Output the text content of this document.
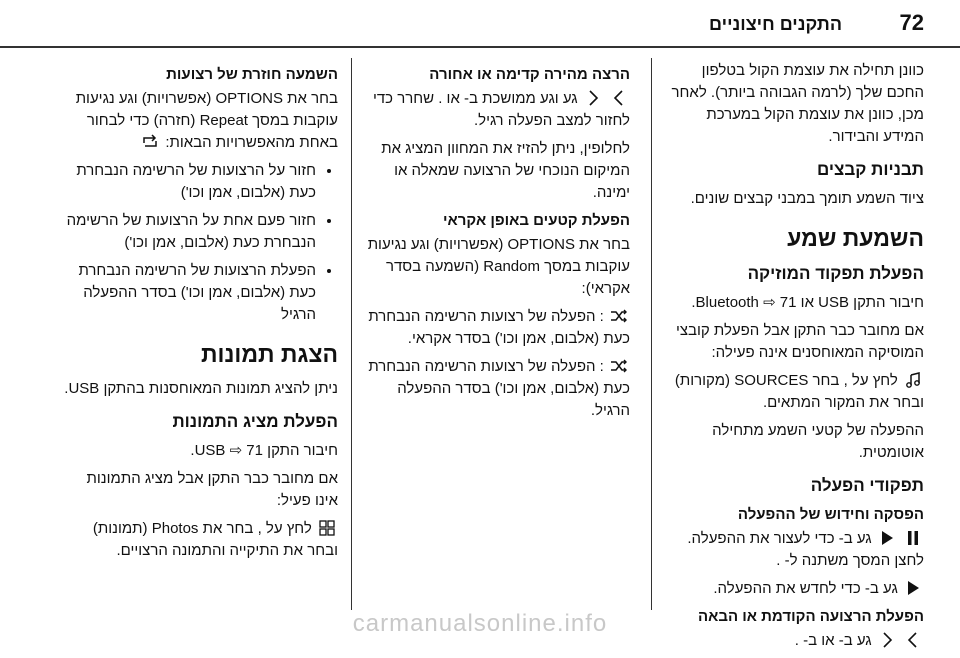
התקנים חיצוניים	72

כוונן תחילה את עוצמת הקול בטלפון החכם שלך (לרמה הגבוהה ביותר). לאחר מכן, כוונן את עוצמת הקול במערכת המידע והבידור.

תבניות קבצים

ציוד השמע תומך במבני קבצים שונים.

השמעת שמע
הפעלת תפקוד המוזיקה

חיבור התקן USB או Bluetooth ⇨ 71.

אם מחובר כבר התקן אבל הפעלת קובצי המוסיקה המאוחסנים אינה פעילה:

לחץ על , בחר SOURCES (מקורות) ובחר את המקור המתאים.

ההפעלה של קטעי השמע מתחילה אוטומטית.

תפקודי הפעלה
הפסקה וחידוש של ההפעלה

גע ב- כדי לעצור את ההפעלה. לחצן המסך משתנה ל- .

גע ב- כדי לחדש את ההפעלה.

הפעלת הרצועה הקודמת או הבאה

גע ב- או ב- .

הרצה מהירה קדימה או אחורה

גע וגע ממושכת ב- או . שחרר כדי לחזור למצב הפעלה רגיל.

לחלופין, ניתן להזיז את המחוון המציג את המיקום הנוכחי של הרצועה שמאלה או ימינה.

הפעלת קטעים באופן אקראי

בחר את OPTIONS (אפשרויות) וגע נגיעות עוקבות במסך Random (השמעה בסדר אקראי):

: הפעלה של רצועות הרשימה הנבחרת כעת (אלבום, אמן וכו') בסדר אקראי.

: הפעלה של רצועות הרשימה הנבחרת כעת (אלבום, אמן וכו') בסדר ההפעלה הרגיל.

השמעה חוזרת של רצועות

בחר את OPTIONS (אפשרויות) וגע נגיעות עוקבות במסך Repeat (חזרה) כדי לבחור באחת מהאפשרויות הבאות:

• חזור על הרצועות של הרשימה הנבחרת כעת (אלבום, אמן וכו')
• חזור פעם אחת על הרצועות של הרשימה הנבחרת כעת (אלבום, אמן וכו')
• הפעלת הרצועות של הרשימה הנבחרת כעת (אלבום, אמן וכו') בסדר ההפעלה הרגיל
הצגת תמונות

ניתן להציג תמונות המאוחסנות בהתקן USB.

הפעלת מציג התמונות

חיבור התקן USB ⇨ 71.

אם מחובר כבר התקן אבל מציג התמונות אינו פעיל:

לחץ על , בחר את Photos (תמונות) ובחר את התיקייה והתמונה הרצויים.

carmanualsonline.info
